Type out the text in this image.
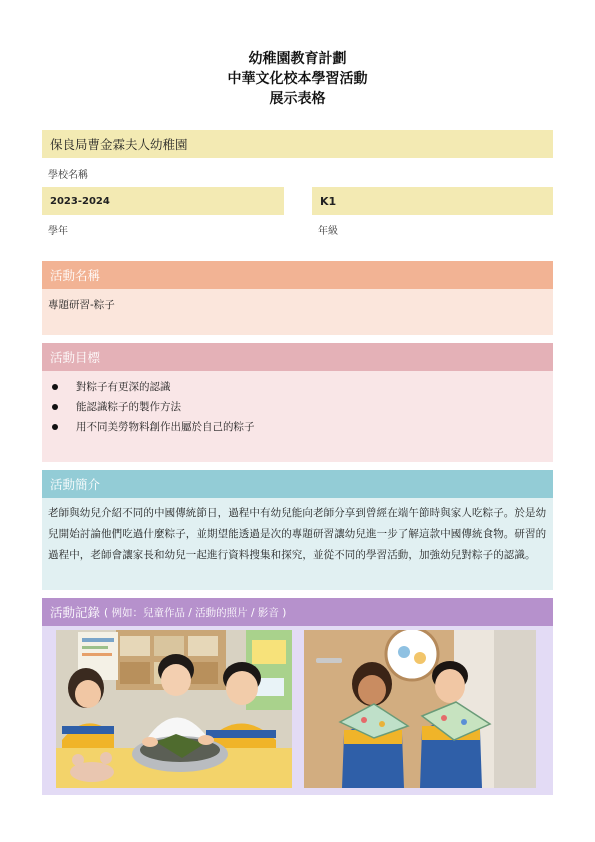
幼稚園教育計劃
中華文化校本學習活動
展示表格
保良局曹金霖夫人幼稚園
學校名稱
2023-2024	K1
學年	年級
活動名稱
專題研習-粽子
活動目標
對粽子有更深的認識
能認識粽子的製作方法
用不同美勞物料創作出屬於自己的粽子
活動簡介
老師與幼兒介紹不同的中國傳統節日，過程中有幼兒能向老師分享到曾經在端午節時與家人吃粽子。於是幼兒開始討論他們吃過什麼粽子，並期望能透過是次的專題研習讓幼兒進一步了解這款中國傳統食物。研習的過程中，老師會讓家長和幼兒一起進行資料搜集和探究，並從不同的學習活動，加強幼兒對粽子的認識。
活動記錄 ( 例如：兒童作品 / 活動的照片 / 影音 )
